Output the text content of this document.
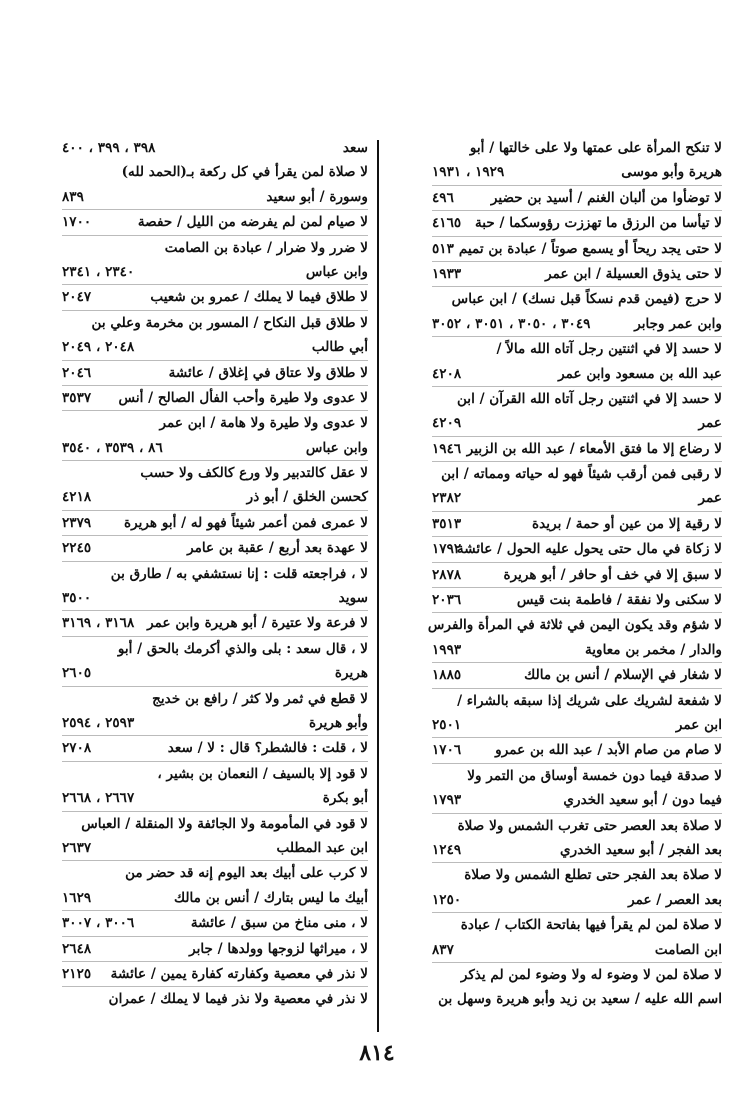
لا تنكح المرأة على عمتها ولا على خالتها / أبو
هريرة وأبو موسى
١٩٢٩ ، ١٩٣١
لا توضأوا من ألبان الغنم / أسيد بن حضير
٤٩٦
لا تيأسا من الرزق ما تهززت رؤوسكما / حبة
٤١٦٥
لا حتى يجد ريحاً أو يسمع صوتاً / عبادة بن تميم
٥١٣
لا حتى يذوق العسيلة / ابن عمر
١٩٣٣
لا حرج (فيمن قدم نسكاً قبل نسك) / ابن عباس
وابن عمر وجابر
٣٠٤٩ ، ٣٠٥٠ ، ٣٠٥١ ، ٣٠٥٢
لا حسد إلا في اثنتين رجل آتاه الله مالاً /
عبد الله بن مسعود وابن عمر
٤٢٠٨
لا حسد إلا في اثنتين رجل آتاه الله القرآن / ابن
عمر
٤٢٠٩
لا رضاع إلا ما فتق الأمعاء / عبد الله بن الزبير
١٩٤٦
لا رقبى فمن أرقب شيئاً فهو له حياته ومماته / ابن
عمر
٢٣٨٢
لا رقية إلا من عين أو حمة / بريدة
٣٥١٣
لا زكاة في مال حتى يحول عليه الحول / عائشة
١٧٩٢
لا سبق إلا في خف أو حافر / أبو هريرة
٢٨٧٨
لا سكنى ولا نفقة / فاطمة بنت قيس
٢٠٣٦
لا شؤم وقد يكون اليمن في ثلاثة في المرأة والفرس
والدار / مخمر بن معاوية
١٩٩٣
لا شغار في الإسلام / أنس بن مالك
١٨٨٥
لا شفعة لشريك على شريك إذا سبقه بالشراء /
ابن عمر
٢٥٠١
لا صام من صام الأبد / عبد الله بن عمرو
١٧٠٦
لا صدقة فيما دون خمسة أوساق من التمر ولا
فيما دون / أبو سعيد الخدري
١٧٩٣
لا صلاة بعد العصر حتى تغرب الشمس ولا صلاة
بعد الفجر / أبو سعيد الخدري
١٢٤٩
لا صلاة بعد الفجر حتى تطلع الشمس ولا صلاة
بعد العصر / عمر
١٢٥٠
لا صلاة لمن لم يقرأ فيها بفاتحة الكتاب / عبادة
ابن الصامت
٨٣٧
لا صلاة لمن لا وضوء له ولا وضوء لمن لم يذكر
اسم الله عليه / سعيد بن زيد وأبو هريرة وسهل بن
سعد
٣٩٨ ، ٣٩٩ ، ٤٠٠
لا صلاة لمن يقرأ في كل ركعة بـ(الحمد لله)
وسورة / أبو سعيد
٨٣٩
لا صيام لمن لم يفرضه من الليل / حفصة
١٧٠٠
لا ضرر ولا ضرار / عبادة بن الصامت
وابن عباس
٢٣٤٠ ، ٢٣٤١
لا طلاق فيما لا يملك / عمرو بن شعيب
٢٠٤٧
لا طلاق قبل النكاح / المسور بن مخرمة وعلي بن
أبي طالب
٢٠٤٨ ، ٢٠٤٩
لا طلاق ولا عتاق في إغلاق / عائشة
٢٠٤٦
لا عدوى ولا طيرة وأحب الفأل الصالح / أنس
٣٥٣٧
لا عدوى ولا طيرة ولا هامة / ابن عمر
وابن عباس
٨٦ ، ٣٥٣٩ ، ٣٥٤٠
لا عقل كالتدبير ولا ورع كالكف ولا حسب
كحسن الخلق / أبو ذر
٤٢١٨
لا عمرى فمن أعمر شيئاً فهو له / أبو هريرة
٢٣٧٩
لا عهدة بعد أربع / عقبة بن عامر
٢٢٤٥
لا ، فراجعته قلت : إنا نستشفي به / طارق بن
سويد
٣٥٠٠
لا فرعة ولا عتيرة / أبو هريرة وابن عمر
٣١٦٨ ، ٣١٦٩
لا ، قال سعد : بلى والذي أكرمك بالحق / أبو
هريرة
٢٦٠٥
لا قطع في ثمر ولا كثر / رافع بن خديج
وأبو هريرة
٢٥٩٣ ، ٢٥٩٤
لا ، قلت : فالشطر؟ قال : لا / سعد
٢٧٠٨
لا قود إلا بالسيف / النعمان بن بشير ،
أبو بكرة
٢٦٦٧ ، ٢٦٦٨
لا قود في المأمومة ولا الجائفة ولا المنقلة / العباس
ابن عبد المطلب
٢٦٣٧
لا كرب على أبيك بعد اليوم إنه قد حضر من
أبيك ما ليس بتارك / أنس بن مالك
١٦٢٩
لا ، منى مناخ من سبق / عائشة
٣٠٠٦ ، ٣٠٠٧
لا ، ميراثها لزوجها وولدها / جابر
٢٦٤٨
لا نذر في معصية وكفارته كفارة يمين / عائشة
٢١٢٥
لا نذر في معصية ولا نذر فيما لا يملك / عمران
٨١٤
